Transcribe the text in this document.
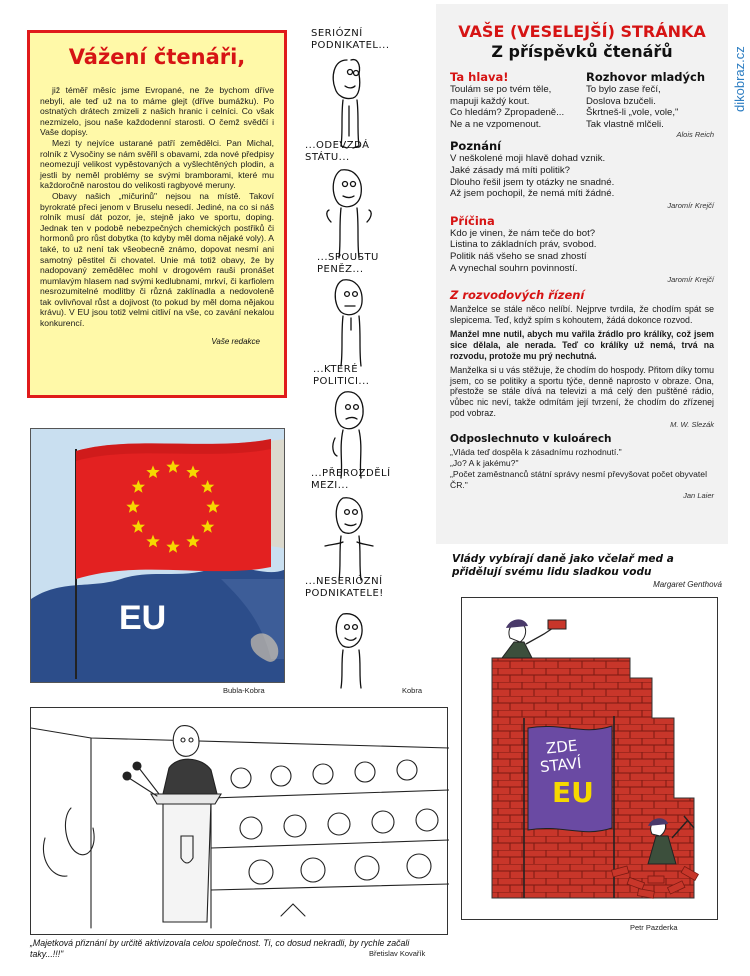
Vážení čtenáři,

již téměř měsíc jsme Evropané, ne že bychom dříve nebyli, ale teď už na to máme glejt (dříve bumážku). Po ostnatých drátech zmizeli z našich hranic i celníci. Co však nezmizelo, jsou naše každodenní starosti. O čemž svědčí i Vaše dopisy.

Mezi ty nejvíce ustarané patří zemědělci. Pan Michal, rolník z Vysočiny se nám svěřil s obavami, zda nové předpisy neomezují velikost vypěstovaných a vyšlechtěných plodin, a jestli by neměl problémy se svými bramborami, které mu každoročně narostou do velikosti ragbyové meruny.

Obavy našich „mičurinů" nejsou na místě. Takoví byrokraté přeci jenom v Bruselu nesedí. Jediné, na co si náš rolník musí dát pozor, je, stejně jako ve sportu, doping. Jednak ten v podobě nebezpečných chemických postřiků či hormonů pro růst dobytka (to kdyby měl doma nějaké voly). A také, to už není tak všeobecně známo, dopovat nesmí ani samotný pěstitel či chovatel. Unie má totiž obavy, že by nadopovaný zemědělec mohl v drogovém rauši pronášet mumlavým hlasem nad svými kedlubnami, mrkví, či karfiolem nesrozumitelné modlitby či různá zaklínadla a nedovoleně tak ovlivňoval růst a dojivost (to pokud by měl doma nějakou krávu). V EU jsou totiž velmi citliví na vše, co zavání nekalou konkurencí.

Vaše redakce
SERIÓZNÍ PODNIKATEL...
...ODEVZDÁ STÁTU...
...SPOUSTU PENĚZ...
...KTERÉ POLITICI...
...PŘEROZDĚLÍ MEZI...
...NESERIÓZNÍ PODNIKATELE!
Kobra
EU
Bubla-Kobra
VAŠE (VESELEJŠÍ) STRÁNKA
Z příspěvků čtenářů
Ta hlava!
Toulám se po tvém těle,
mapuji každý kout.
Co hledám? Zpropadeně...
Ne a ne vzpomenout.
Rozhovor mladých
To bylo zase řečí,
Doslova bzučeli.
Škrtneš-li „vole, vole,"
Tak vlastně mlčeli.
Alois Reich
Poznání
V neškolené moji hlavě dohad vznik.
Jaké zásady má míti politik?
Dlouho řešil jsem ty otázky ne snadné.
Až jsem pochopil, že nemá míti žádné.
Jaromír Krejčí
Příčina
Kdo je vinen, že nám teče do bot?
Listina to základních práv, svobod.
Politik náš všeho se snad zhostí
A vynechal souhrn povinností.
Jaromír Krejčí
Z rozvodových řízení
Manželce se stále něco nelíbí. Nejprve tvrdila, že chodím spát se slepicema. Teď, když spím s kohoutem, žádá dokonce rozvod.
Manžel mne nutil, abych mu vařila žrádlo pro králíky, což jsem sice dělala, ale nerada. Teď co králíky už nemá, trvá na rozvodu, protože mu prý nechutná.
Manželka si u vás stěžuje, že chodím do hospody. Přitom díky tomu jsem, co se politiky a sportu týče, denně naprosto v obraze. Ona, přestože se stále dívá na televizi a má celý den puštěné rádio, vůbec nic neví, takže odmítám její tvrzení, že chodím do zřízenej pod vobraz.
M. W. Slezák
Odposlechnuto v kuloárech
„Vláda teď dospěla k zásadnímu rozhodnutí."
„Jo? A k jakému?"
„Počet zaměstnanců státní správy nesmí převyšovat počet obyvatel ČR."
Jan Laier
dikobraz.cz
„Majetková přiznání by určitě aktivizovala celou společnost. Ti, co dosud nekradli, by rychle začali taky...!!!"	Břetislav Kovařík
Vlády vybírají daně jako včelař med a přidělují svému lidu sladkou vodu
Margaret Genthová
ZDE
STAVÍ
EU
Petr Pazderka
